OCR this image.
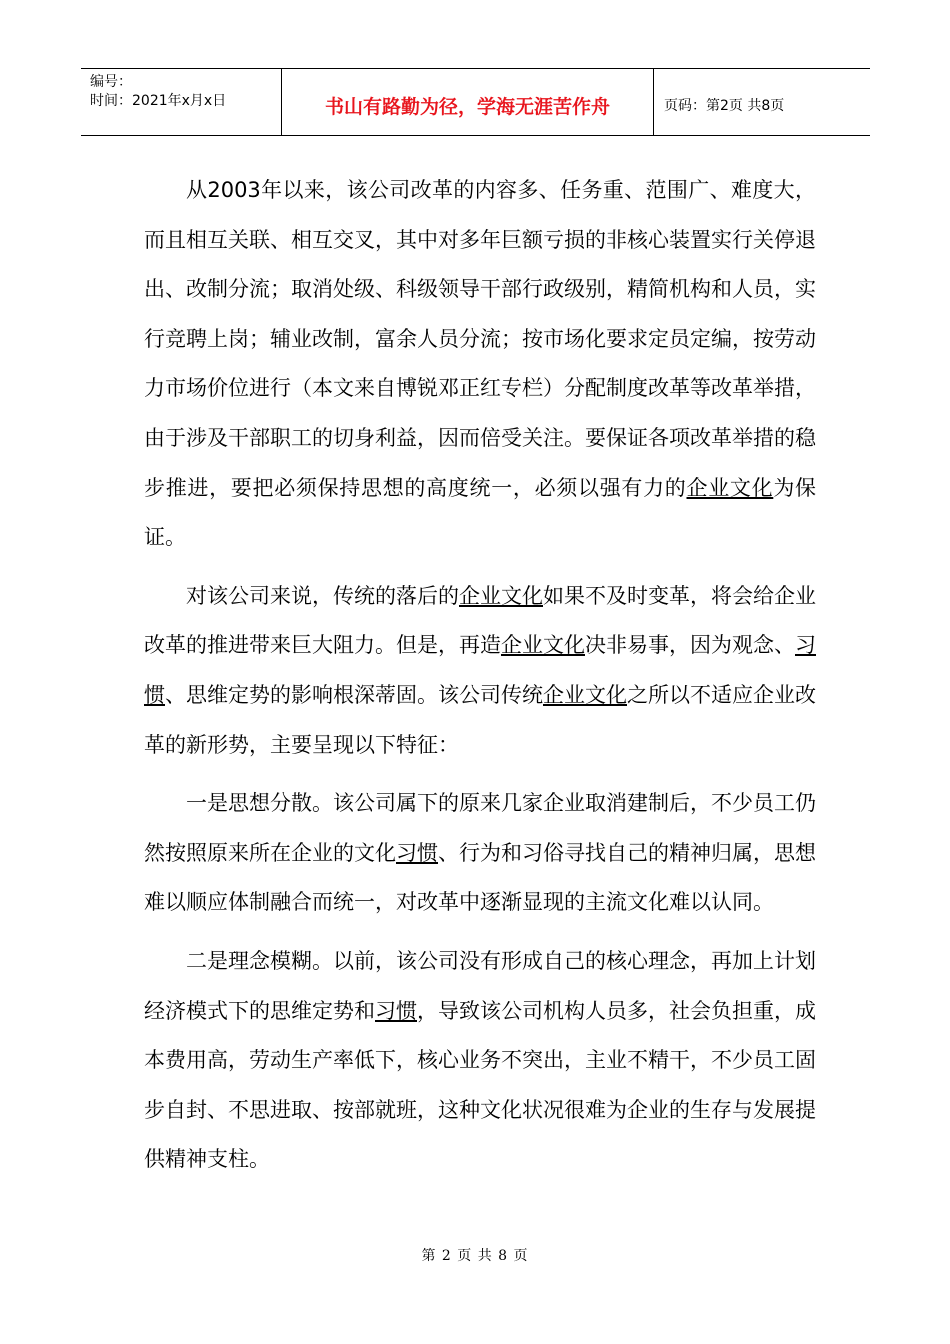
编号：
时间：2021年x月x日	书山有路勤为径，学海无涯苦作舟	页码：第2页 共8页

从2003年以来，该公司改革的内容多、任务重、范围广、难度大，而且相互关联、相互交叉，其中对多年巨额亏损的非核心装置实行关停退出、改制分流；取消处级、科级领导干部行政级别，精简机构和人员，实行竞聘上岗；辅业改制，富余人员分流；按市场化要求定员定编，按劳动力市场价位进行（本文来自博锐邓正红专栏）分配制度改革等改革举措，由于涉及干部职工的切身利益，因而倍受关注。要保证各项改革举措的稳步推进，要把必须保持思想的高度统一，必须以强有力的企业文化为保证。

对该公司来说，传统的落后的企业文化如果不及时变革，将会给企业改革的推进带来巨大阻力。但是，再造企业文化决非易事，因为观念、习惯、思维定势的影响根深蒂固。该公司传统企业文化之所以不适应企业改革的新形势，主要呈现以下特征：

一是思想分散。该公司属下的原来几家企业取消建制后，不少员工仍然按照原来所在企业的文化习惯、行为和习俗寻找自己的精神归属，思想难以顺应体制融合而统一，对改革中逐渐显现的主流文化难以认同。

二是理念模糊。以前，该公司没有形成自己的核心理念，再加上计划经济模式下的思维定势和习惯，导致该公司机构人员多，社会负担重，成本费用高，劳动生产率低下，核心业务不突出，主业不精干，不少员工固步自封、不思进取、按部就班，这种文化状况很难为企业的生存与发展提供精神支柱。

第 2 页 共 8 页
